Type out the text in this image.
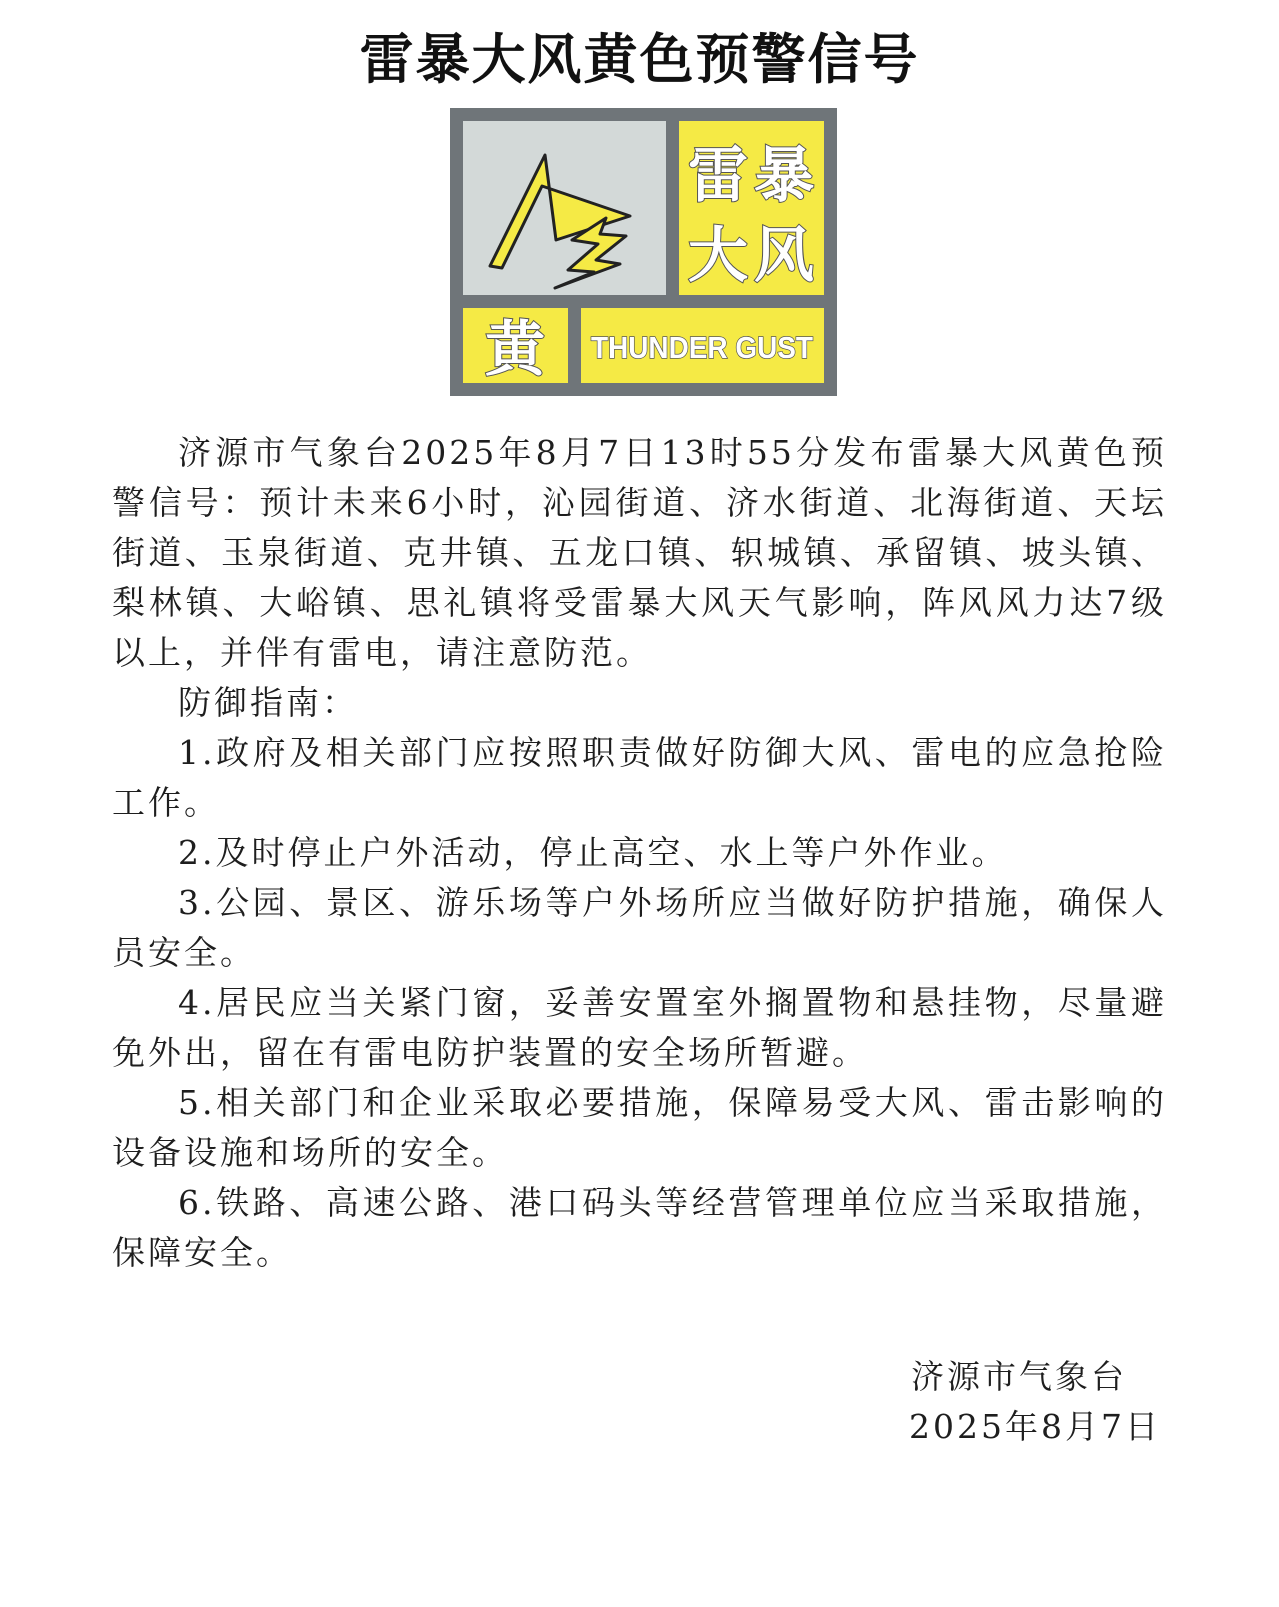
雷暴大风黄色预警信号
雷 暴
大 风
黄 THUNDER GUST

济源市气象台2025年8月7日13时55分发布雷暴大风黄色预警信号：预计未来6小时，沁园街道、济水街道、北海街道、天坛街道、玉泉街道、克井镇、五龙口镇、轵城镇、承留镇、坡头镇、梨林镇、大峪镇、思礼镇将受雷暴大风天气影响，阵风风力达7级以上，并伴有雷电，请注意防范。

防御指南：

1.政府及相关部门应按照职责做好防御大风、雷电的应急抢险工作。

2.及时停止户外活动，停止高空、水上等户外作业。

3.公园、景区、游乐场等户外场所应当做好防护措施，确保人员安全。

4.居民应当关紧门窗，妥善安置室外搁置物和悬挂物，尽量避免外出，留在有雷电防护装置的安全场所暂避。

5.相关部门和企业采取必要措施，保障易受大风、雷击影响的设备设施和场所的安全。

6.铁路、高速公路、港口码头等经营管理单位应当采取措施，保障安全。

济源市气象台
2025年8月7日
